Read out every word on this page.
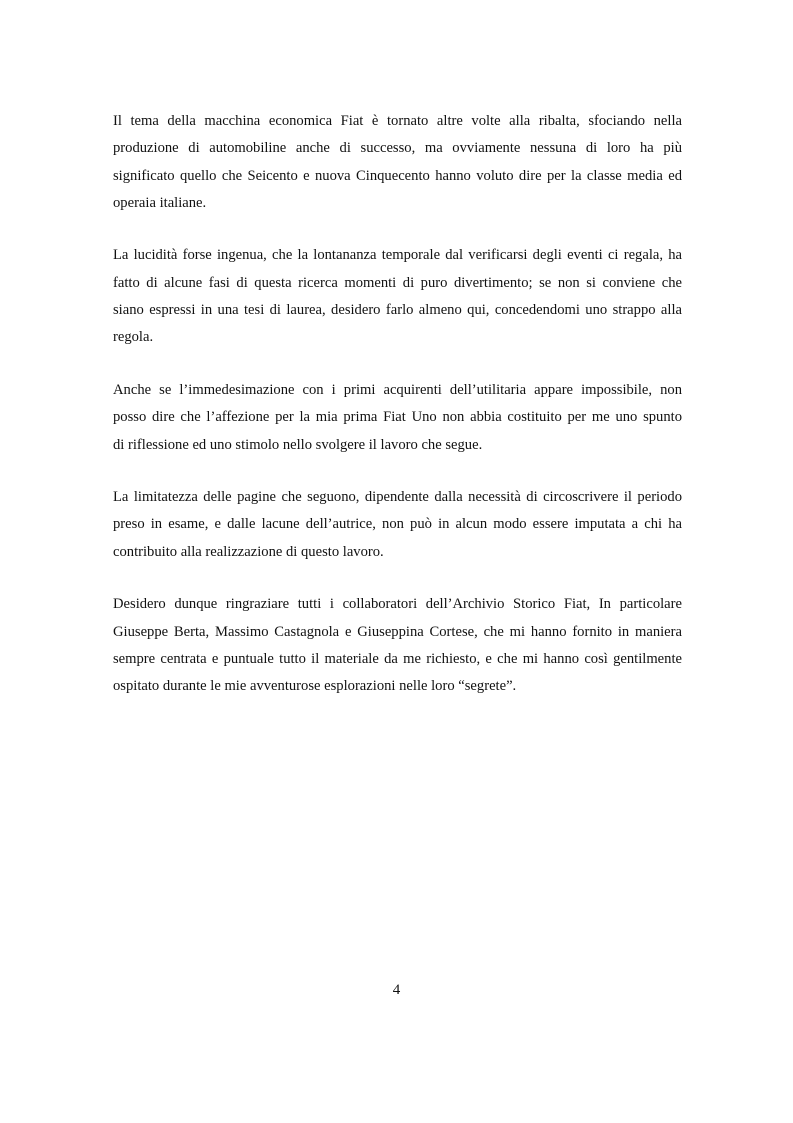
Il tema della macchina economica Fiat è tornato altre volte alla ribalta, sfociando nella
produzione di automobiline anche di successo, ma ovviamente nessuna di loro ha più
significato quello che Seicento e nuova Cinquecento hanno voluto dire per la classe media ed
operaia italiane.
La lucidità forse ingenua, che la lontananza temporale dal verificarsi degli eventi ci regala, ha
fatto di alcune fasi di questa ricerca momenti di puro divertimento; se non si conviene che
siano espressi in una tesi di laurea, desidero farlo almeno qui, concedendomi uno strappo alla
regola.
Anche se l’immedesimazione con i primi acquirenti dell’utilitaria appare impossibile, non
posso dire che l’affezione per la mia prima Fiat Uno non abbia costituito per me uno spunto
di riflessione ed uno stimolo nello svolgere il lavoro che segue.
La limitatezza delle pagine che seguono, dipendente dalla necessità di circoscrivere il periodo
preso in esame, e dalle lacune dell’autrice, non può in alcun modo essere imputata a chi ha
contribuito alla realizzazione di questo lavoro.
Desidero dunque ringraziare tutti i collaboratori dell’Archivio Storico Fiat, In particolare
Giuseppe Berta, Massimo Castagnola e Giuseppina Cortese, che mi hanno fornito in maniera
sempre centrata e puntuale tutto il materiale da me richiesto, e che mi hanno così gentilmente
ospitato durante le mie avventurose esplorazioni nelle loro “segrete”.
4
